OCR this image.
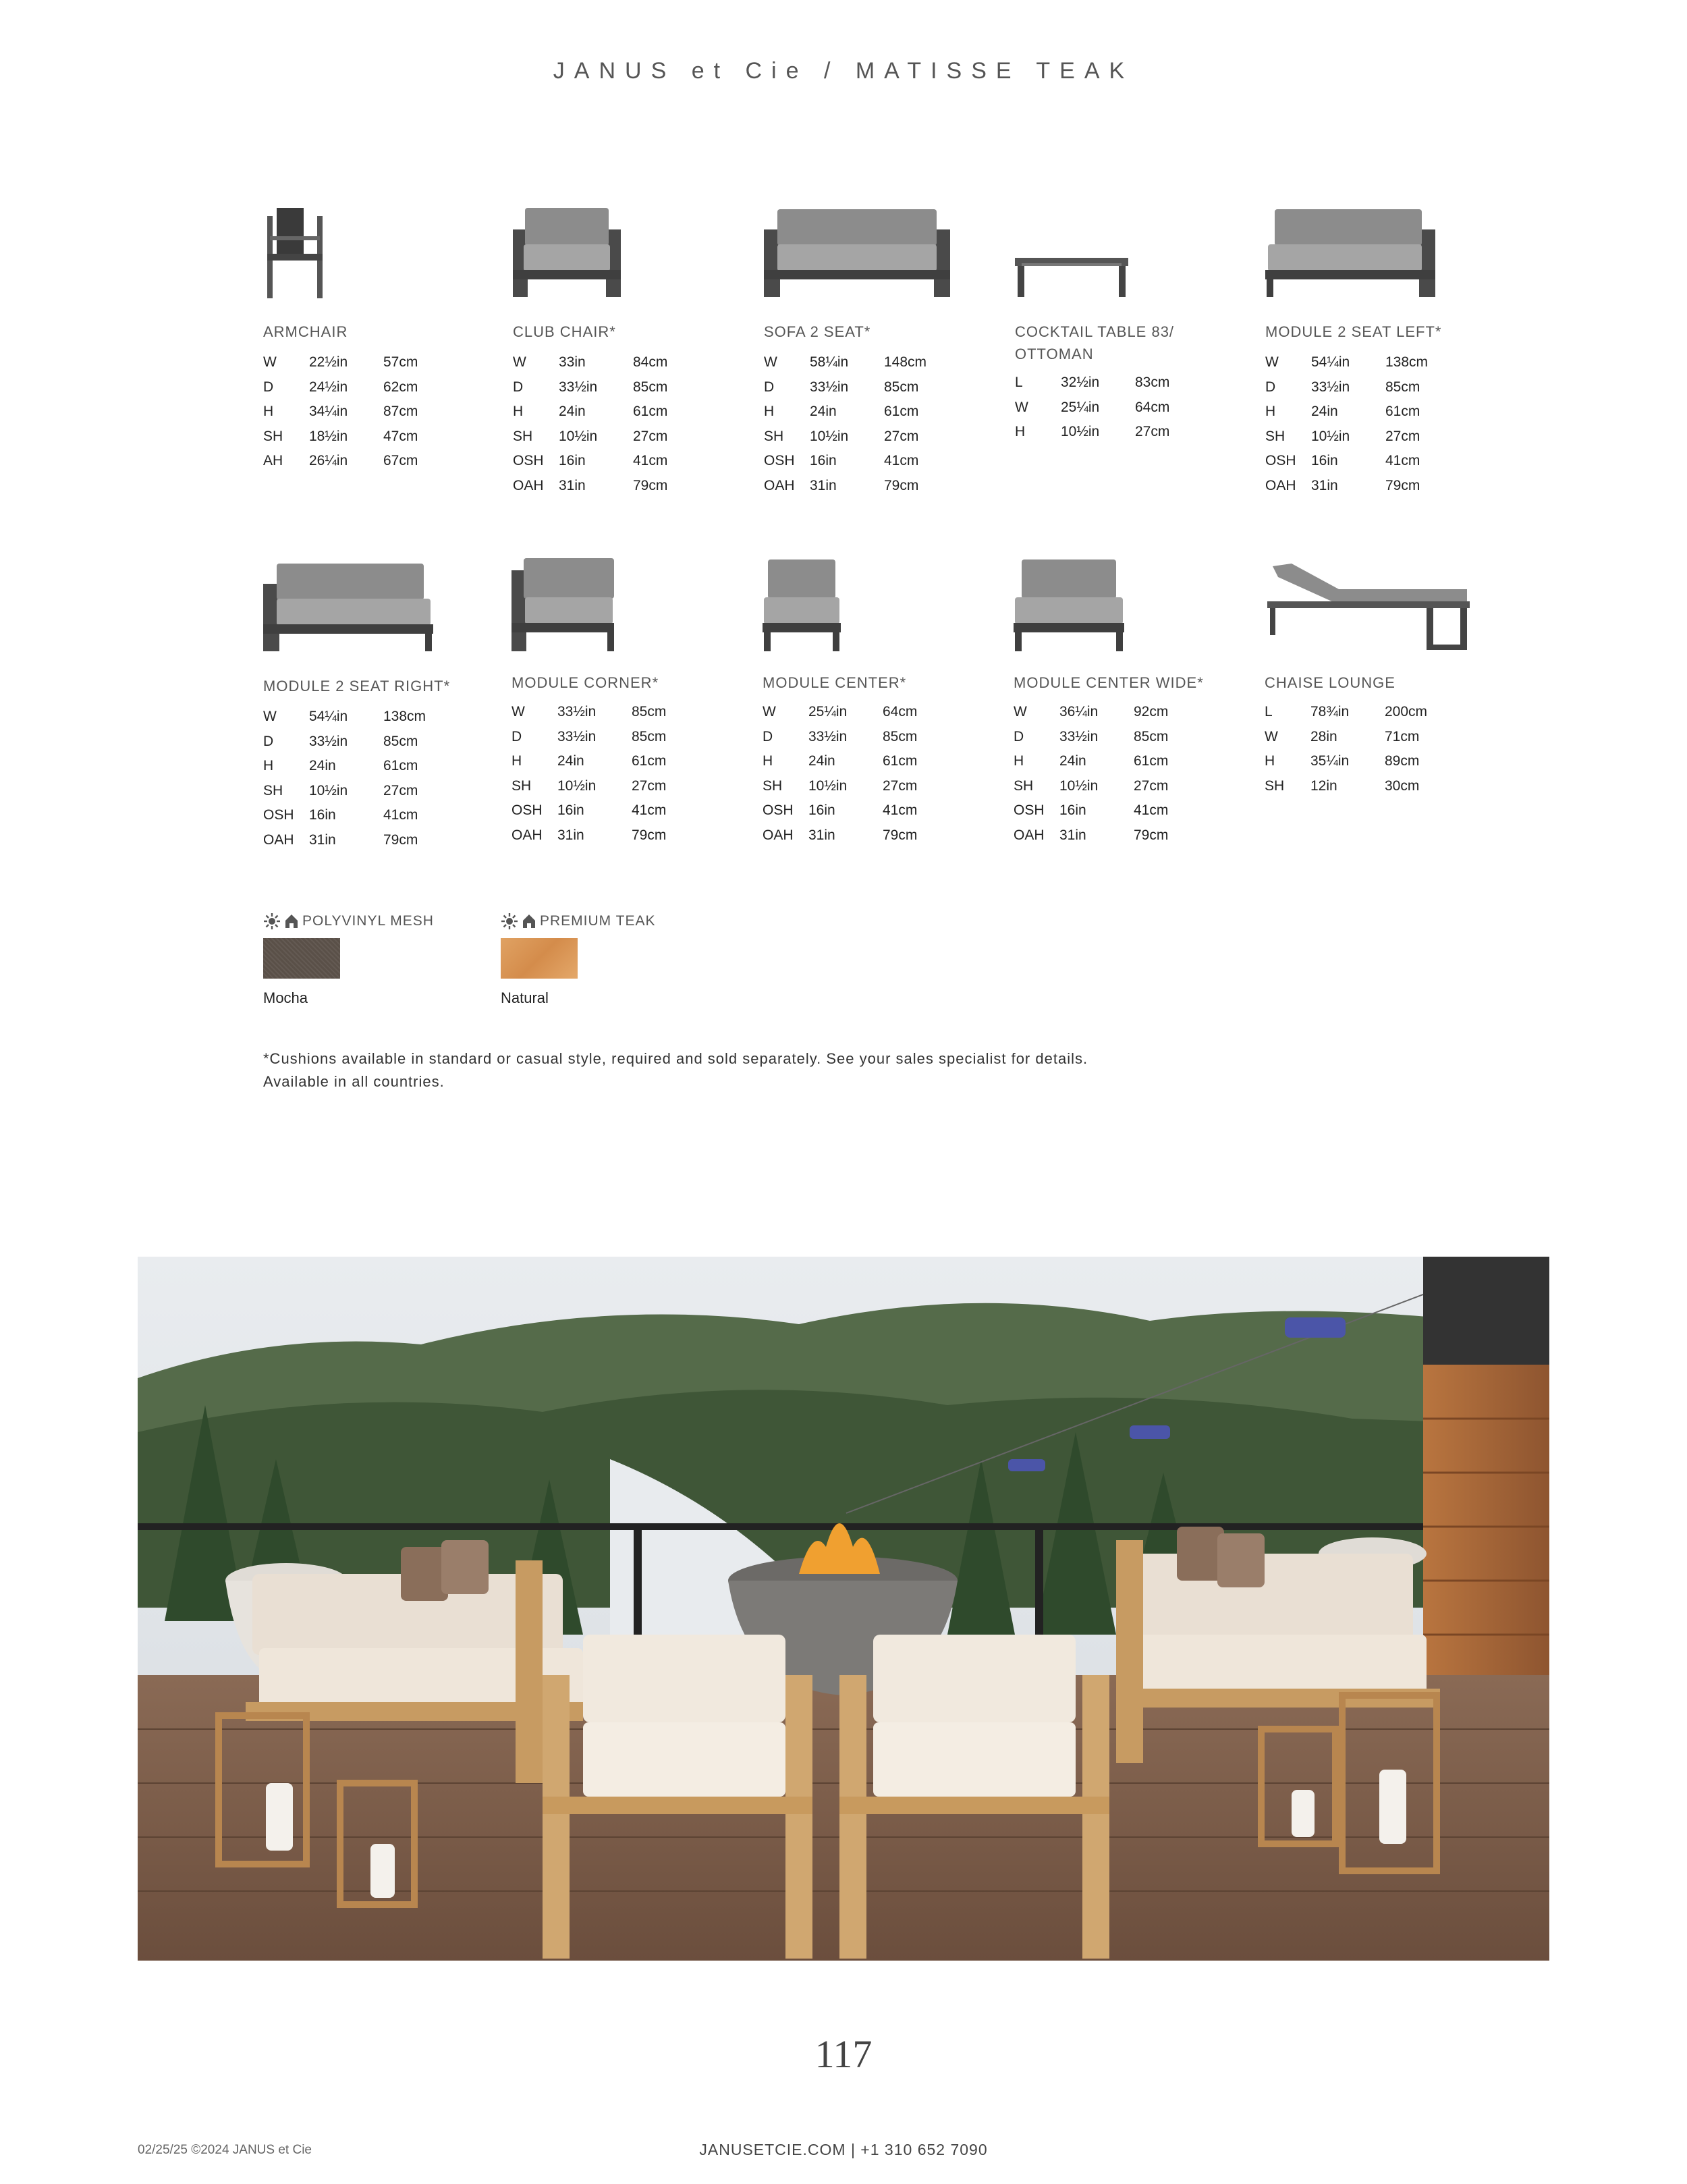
JANUS et Cie / MATISSE TEAK
ARMCHAIR
W 22½in	57cm
D	24½in	62cm
H	34¼in	87cm
SH 18½in	47cm
AH 26¼in	67cm
CLUB CHAIR*
W 33in	84cm
D	33½in	85cm
H	24in	61cm
SH 10½in	27cm
OSH 16in	41cm
OAH 31in	79cm
SOFA 2 SEAT*
W 58¼in	148cm
D	33½in	85cm
H	24in	61cm
SH 10½in	27cm
OSH 16in	41cm
OAH 31in	79cm
COCKTAIL TABLE 83/ OTTOMAN
L	32½in	83cm
W 25¼in	64cm
H	10½in	27cm
MODULE 2 SEAT LEFT*
W 54¼in	138cm
D	33½in	85cm
H	24in	61cm
SH 10½in	27cm
OSH 16in	41cm
OAH 31in	79cm
MODULE 2 SEAT RIGHT*
W 54¼in	138cm
D	33½in	85cm
H	24in	61cm
SH 10½in	27cm
OSH 16in	41cm
OAH 31in	79cm
MODULE CORNER*
W 33½in	85cm
D	33½in	85cm
H	24in	61cm
SH 10½in	27cm
OSH 16in	41cm
OAH 31in	79cm
MODULE CENTER*
W 25¼in	64cm
D	33½in	85cm
H	24in	61cm
SH 10½in	27cm
OSH 16in	41cm
OAH 31in	79cm
MODULE CENTER WIDE*
W 36¼in	92cm
D	33½in	85cm
H	24in	61cm
SH 10½in	27cm
OSH 16in	41cm
OAH 31in	79cm
CHAISE LOUNGE
L	78¾in	200cm
W 28in	71cm
H	35¼in	89cm
SH 12in	30cm
POLYVINYL MESH
Mocha
PREMIUM TEAK
Natural
*Cushions available in standard or casual style, required and sold separately. See your sales specialist for details.
Available in all countries.
117
02/25/25 ©2024 JANUS et Cie	JANUSETCIE.COM | +1 310 652 7090
